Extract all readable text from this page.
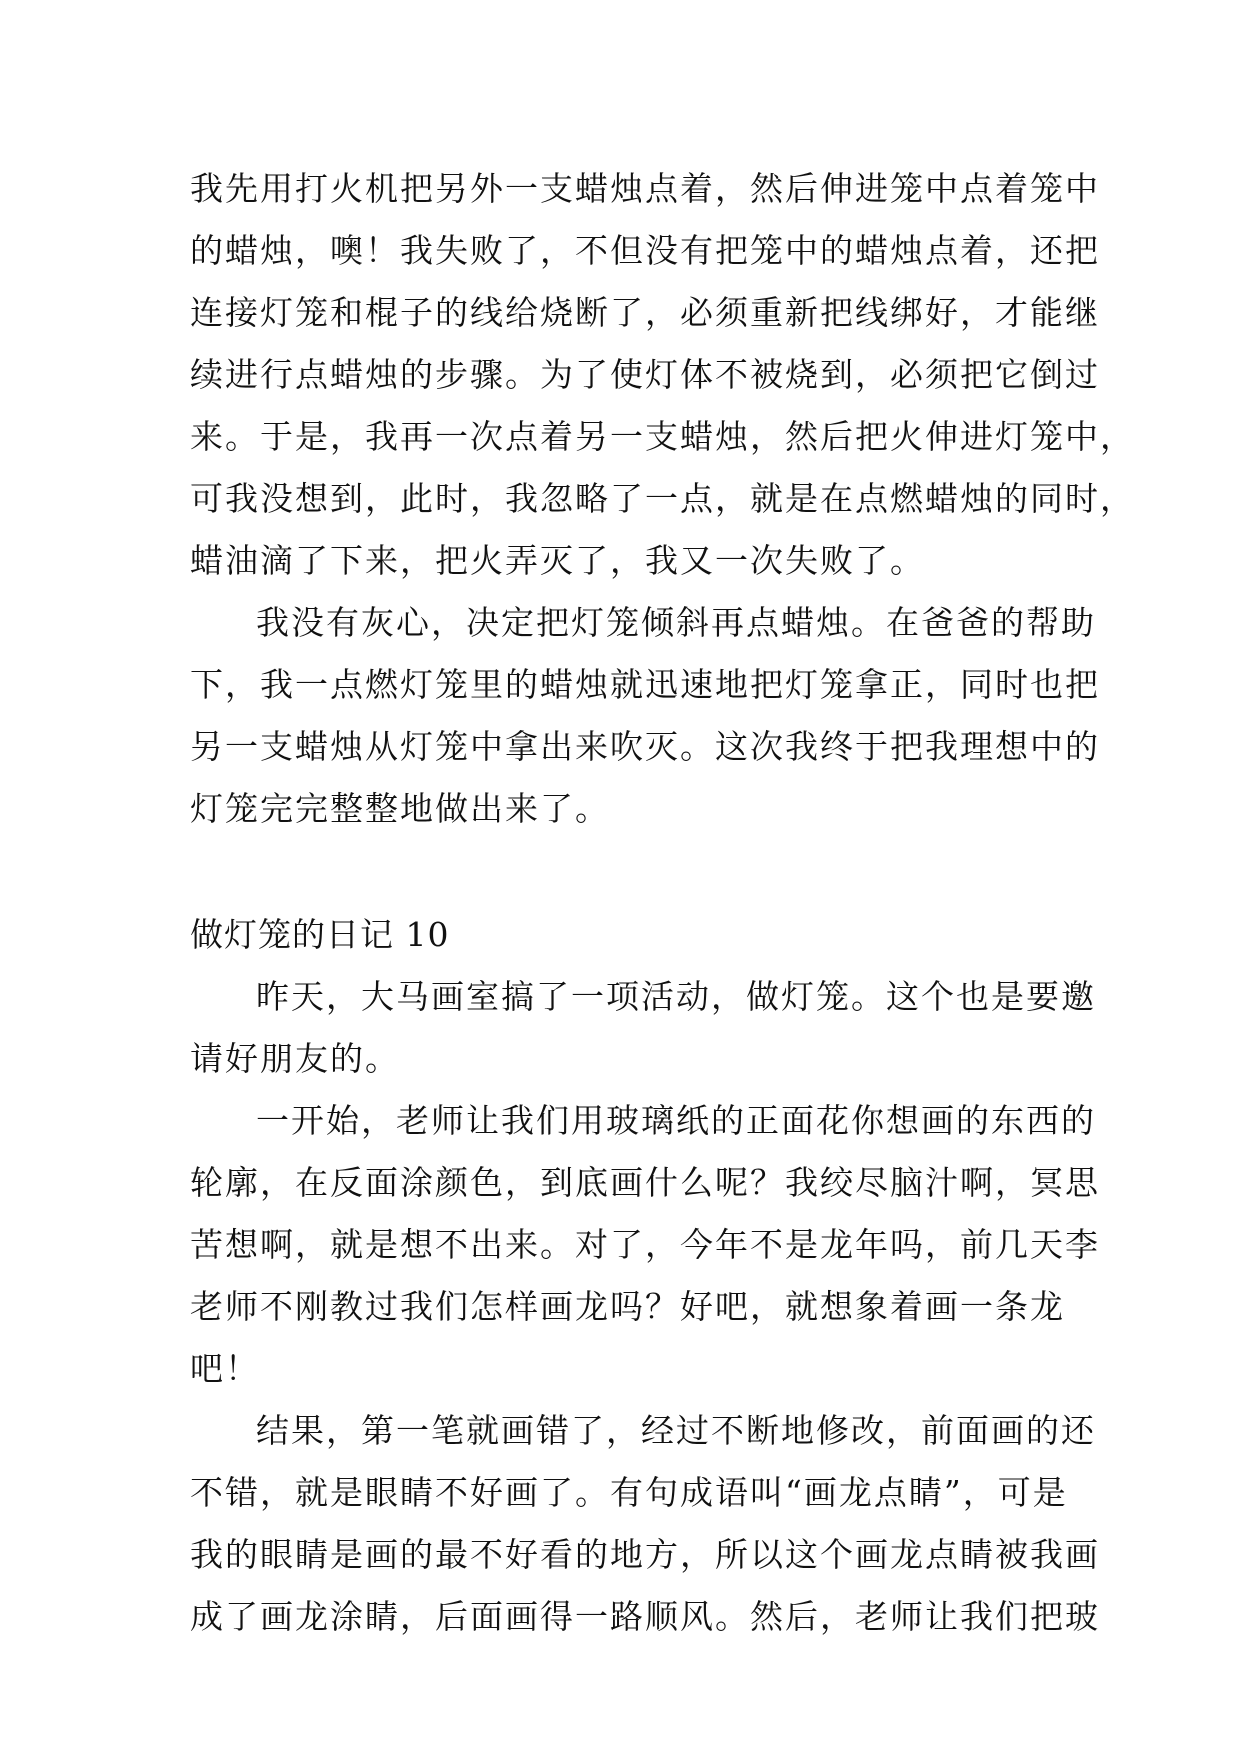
我先用打火机把另外一支蜡烛点着，然后伸进笼中点着笼中
的蜡烛，噢！我失败了，不但没有把笼中的蜡烛点着，还把
连接灯笼和棍子的线给烧断了，必须重新把线绑好，才能继
续进行点蜡烛的步骤。为了使灯体不被烧到，必须把它倒过
来。于是，我再一次点着另一支蜡烛，然后把火伸进灯笼中，
可我没想到，此时，我忽略了一点，就是在点燃蜡烛的同时，
蜡油滴了下来，把火弄灭了，我又一次失败了。
我没有灰心，决定把灯笼倾斜再点蜡烛。在爸爸的帮助
下，我一点燃灯笼里的蜡烛就迅速地把灯笼拿正，同时也把
另一支蜡烛从灯笼中拿出来吹灭。这次我终于把我理想中的
灯笼完完整整地做出来了。
做灯笼的日记 10
昨天，大马画室搞了一项活动，做灯笼。这个也是要邀
请好朋友的。
一开始，老师让我们用玻璃纸的正面花你想画的东西的
轮廓，在反面涂颜色，到底画什么呢？我绞尽脑汁啊，冥思
苦想啊，就是想不出来。对了，今年不是龙年吗，前几天李
老师不刚教过我们怎样画龙吗？好吧，就想象着画一条龙
吧！
结果，第一笔就画错了，经过不断地修改，前面画的还
不错，就是眼睛不好画了。有句成语叫“画龙点睛”，可是
我的眼睛是画的最不好看的地方，所以这个画龙点睛被我画
成了画龙涂睛，后面画得一路顺风。然后，老师让我们把玻
